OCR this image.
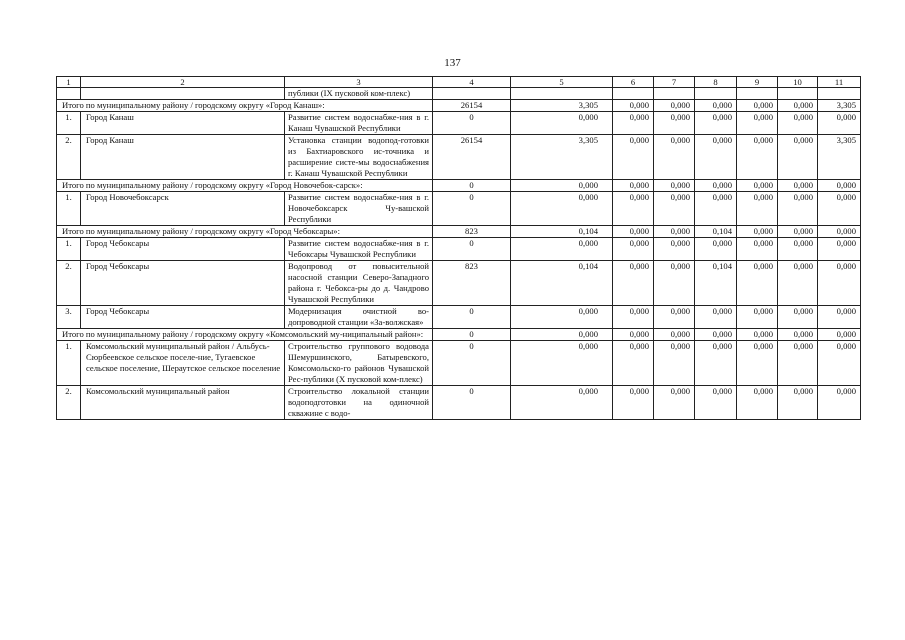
137
1	2	3	4	5	6	7	8	9	10	11
		публики (IX пусковой ком-плекс)								
Итого по муниципальному району / городскому округу «Город Канаш»:			26154	3,305	0,000	0,000	0,000	0,000	0,000	3,305
1.	Город Канаш	Развитие систем водоснабже-ния в г. Канаш Чувашской Республики	0	0,000	0,000	0,000	0,000	0,000	0,000	0,000
2.	Город Канаш	Установка станции водопод-готовки из Бахтиаровского ис-точника и расширение систе-мы водоснабжения г. Канаш Чувашской Республики	26154	3,305	0,000	0,000	0,000	0,000	0,000	3,305
Итого по муниципальному району / городскому округу «Город Новочебок-сарск»:			0	0,000	0,000	0,000	0,000	0,000	0,000	0,000
1.	Город Новочебоксарск	Развитие систем водоснабже-ния в г. Новочебоксарск Чу-вашской Республики	0	0,000	0,000	0,000	0,000	0,000	0,000	0,000
Итого по муниципальному району / городскому округу «Город Чебоксары»:			823	0,104	0,000	0,000	0,104	0,000	0,000	0,000
1.	Город Чебоксары	Развитие систем водоснабже-ния в г. Чебоксары Чувашской Республики	0	0,000	0,000	0,000	0,000	0,000	0,000	0,000
2.	Город Чебоксары	Водопровод от повысительной насосной станции Северо-Западного района г. Чебокса-ры до д. Чандрово Чувашской Республики	823	0,104	0,000	0,000	0,104	0,000	0,000	0,000
3.	Город Чебоксары	Модернизация очистной во-допроводной станции «За-волжская»	0	0,000	0,000	0,000	0,000	0,000	0,000	0,000
Итого по муниципальному району / городскому округу «Комсомольский му-ниципальный район»:			0	0,000	0,000	0,000	0,000	0,000	0,000	0,000
1.	Комсомольский муниципальный район / Альбусь-Сюрбеевское сельское поселе-ние, Тугаевское сельское поселение, Шераутское сельское поселение	Строительство группового водовода Шемуршинского, Батыревского, Комсомольско-го районов Чувашской Рес-публики (X пусковой ком-плекс)	0	0,000	0,000	0,000	0,000	0,000	0,000	0,000
2.	Комсомольский муниципальный район	Строительство локальной станции водоподготовки на одиночной скважине с водо-	0	0,000	0,000	0,000	0,000	0,000	0,000	0,000
